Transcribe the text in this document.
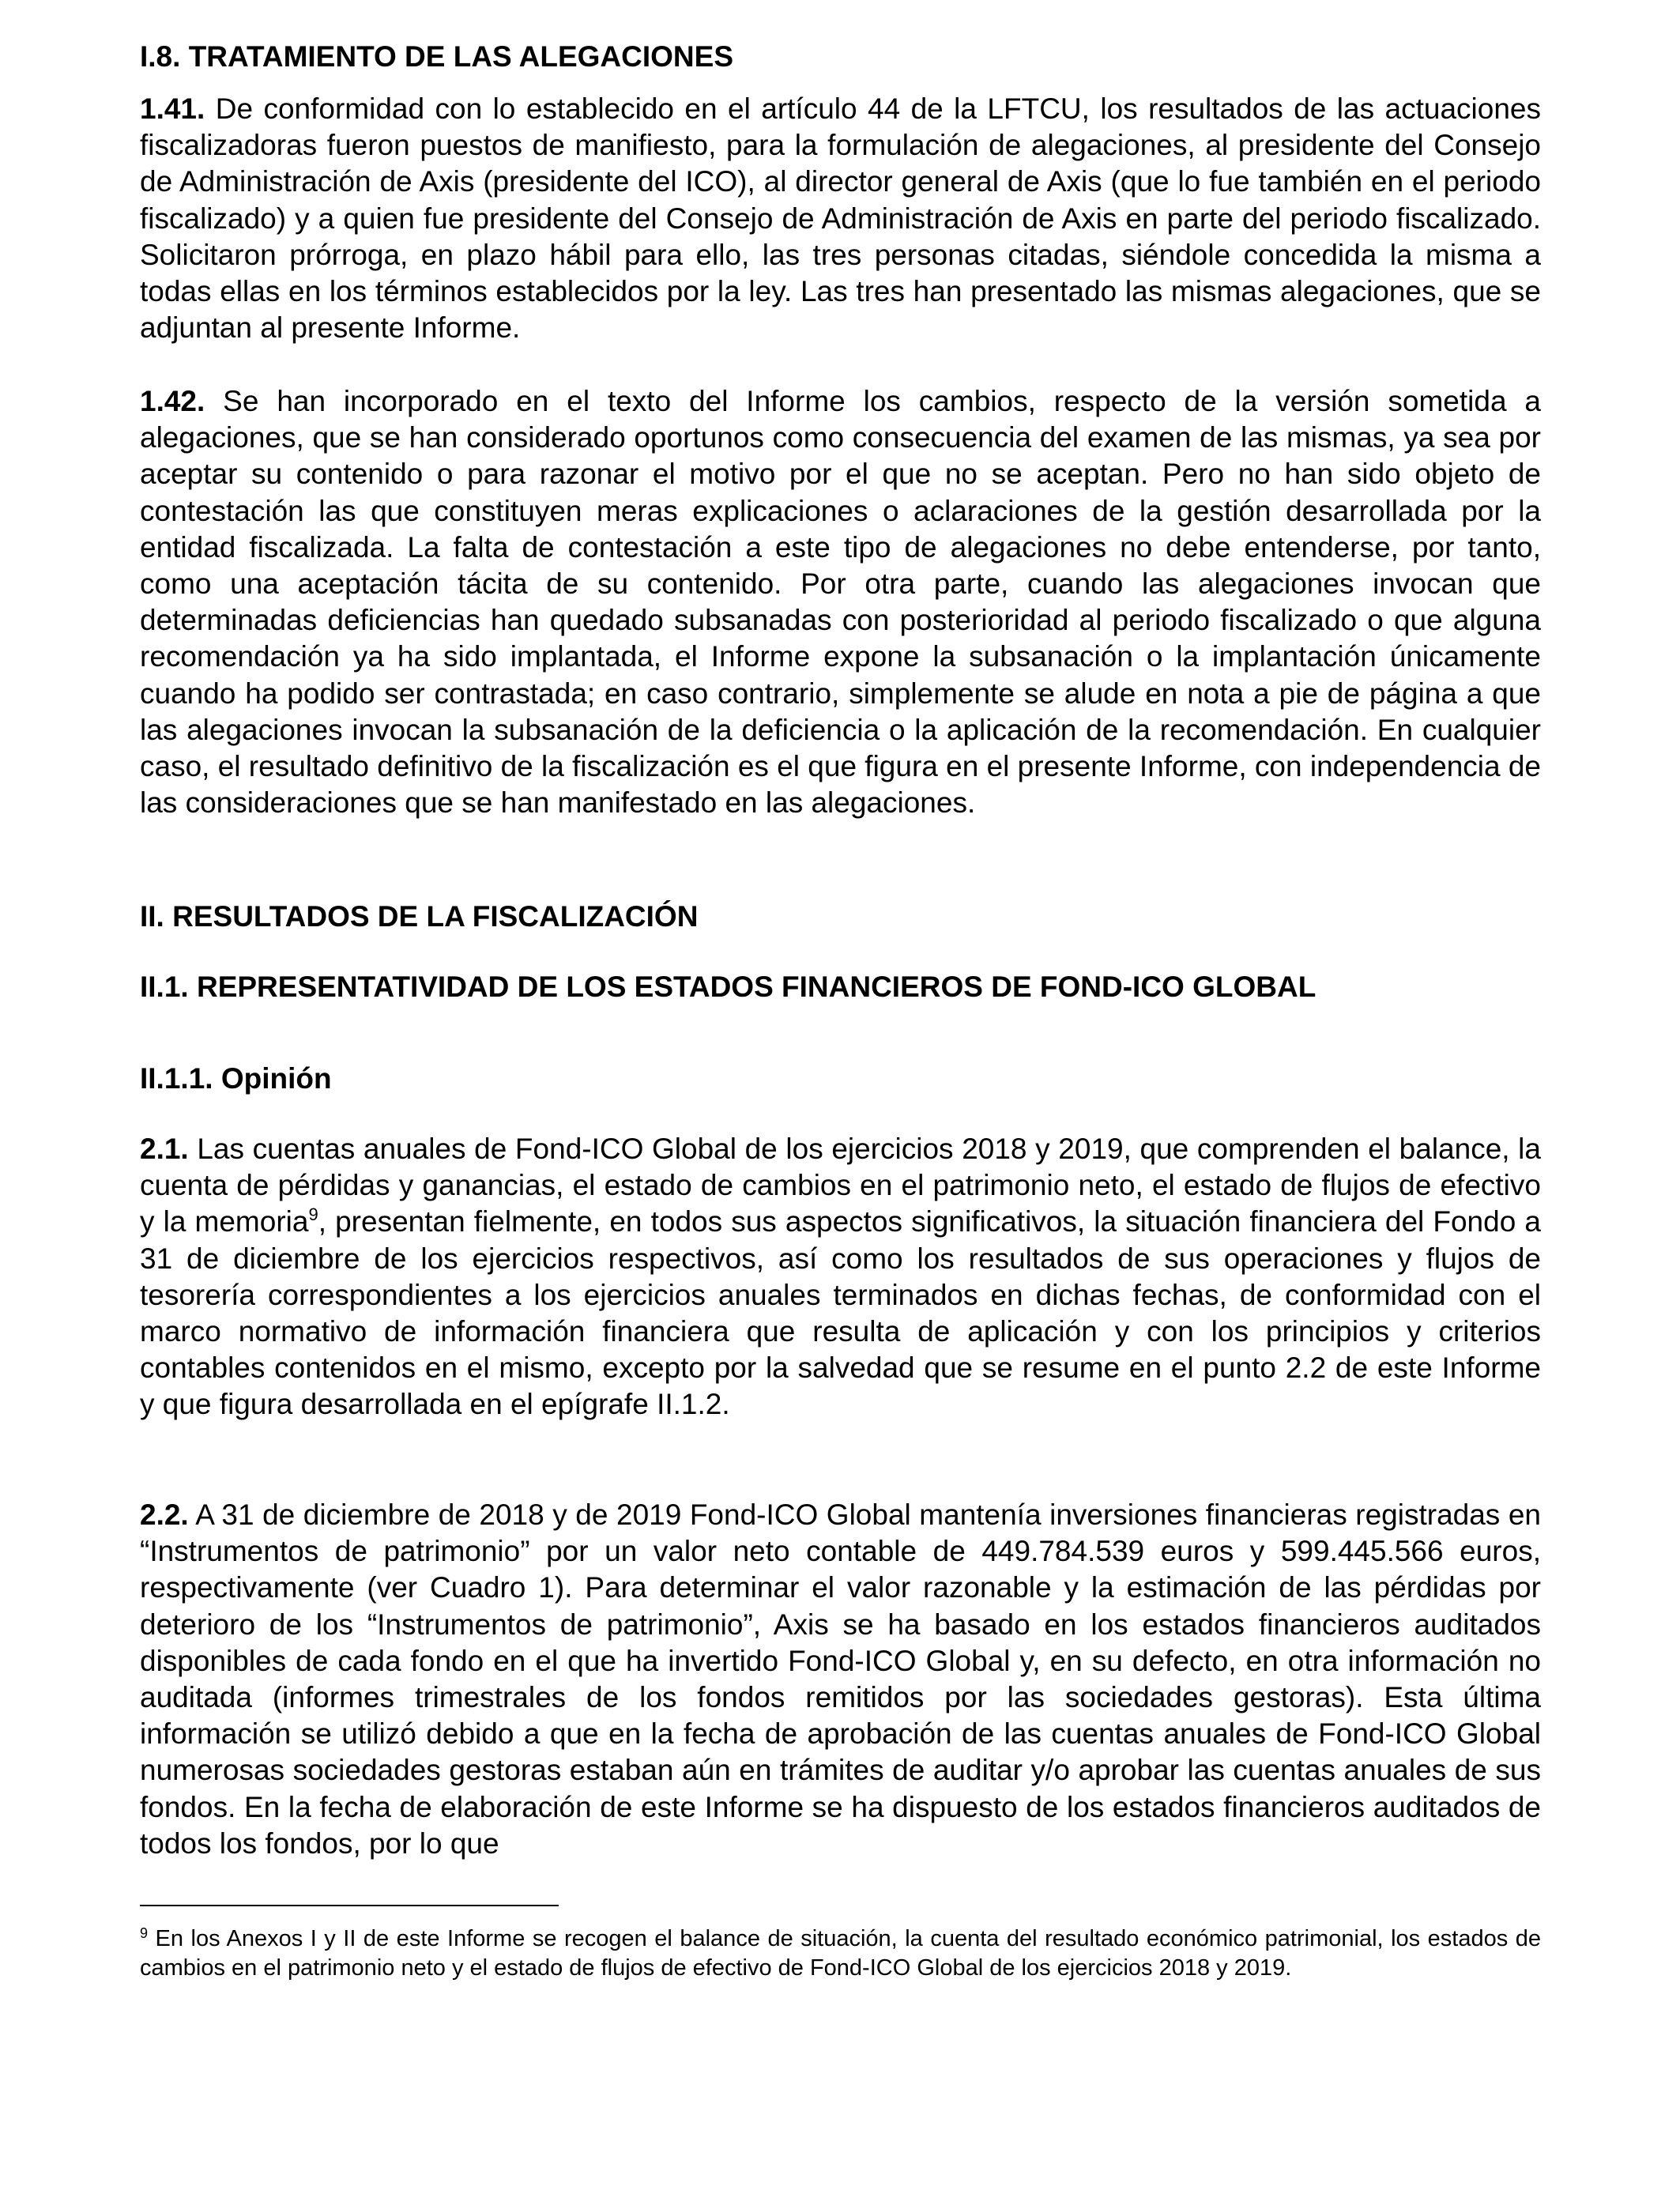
I.8. TRATAMIENTO DE LAS ALEGACIONES

1.41. De conformidad con lo establecido en el artículo 44 de la LFTCU, los resultados de las actuaciones fiscalizadoras fueron puestos de manifiesto, para la formulación de alegaciones, al presidente del Consejo de Administración de Axis (presidente del ICO), al director general de Axis (que lo fue también en el periodo fiscalizado) y a quien fue presidente del Consejo de Administración de Axis en parte del periodo fiscalizado. Solicitaron prórroga, en plazo hábil para ello, las tres personas citadas, siéndole concedida la misma a todas ellas en los términos establecidos por la ley. Las tres han presentado las mismas alegaciones, que se adjuntan al presente Informe.

1.42. Se han incorporado en el texto del Informe los cambios, respecto de la versión sometida a alegaciones, que se han considerado oportunos como consecuencia del examen de las mismas, ya sea por aceptar su contenido o para razonar el motivo por el que no se aceptan. Pero no han sido objeto de contestación las que constituyen meras explicaciones o aclaraciones de la gestión desarrollada por la entidad fiscalizada. La falta de contestación a este tipo de alegaciones no debe entenderse, por tanto, como una aceptación tácita de su contenido. Por otra parte, cuando las alegaciones invocan que determinadas deficiencias han quedado subsanadas con posterioridad al periodo fiscalizado o que alguna recomendación ya ha sido implantada, el Informe expone la subsanación o la implantación únicamente cuando ha podido ser contrastada; en caso contrario, simplemente se alude en nota a pie de página a que las alegaciones invocan la subsanación de la deficiencia o la aplicación de la recomendación. En cualquier caso, el resultado definitivo de la fiscalización es el que figura en el presente Informe, con independencia de las consideraciones que se han manifestado en las alegaciones.

II. RESULTADOS DE LA FISCALIZACIÓN
II.1. REPRESENTATIVIDAD DE LOS ESTADOS FINANCIEROS DE FOND-ICO GLOBAL
II.1.1. Opinión

2.1. Las cuentas anuales de Fond-ICO Global de los ejercicios 2018 y 2019, que comprenden el balance, la cuenta de pérdidas y ganancias, el estado de cambios en el patrimonio neto, el estado de flujos de efectivo y la memoria$^9$, presentan fielmente, en todos sus aspectos significativos, la situación financiera del Fondo a 31 de diciembre de los ejercicios respectivos, así como los resultados de sus operaciones y flujos de tesorería correspondientes a los ejercicios anuales terminados en dichas fechas, de conformidad con el marco normativo de información financiera que resulta de aplicación y con los principios y criterios contables contenidos en el mismo, excepto por la salvedad que se resume en el punto 2.2 de este Informe y que figura desarrollada en el epígrafe II.1.2.

2.2. A 31 de diciembre de 2018 y de 2019 Fond-ICO Global mantenía inversiones financieras registradas en “Instrumentos de patrimonio” por un valor neto contable de 449.784.539 euros y 599.445.566 euros, respectivamente (ver Cuadro 1). Para determinar el valor razonable y la estimación de las pérdidas por deterioro de los “Instrumentos de patrimonio”, Axis se ha basado en los estados financieros auditados disponibles de cada fondo en el que ha invertido Fond-ICO Global y, en su defecto, en otra información no auditada (informes trimestrales de los fondos remitidos por las sociedades gestoras). Esta última información se utilizó debido a que en la fecha de aprobación de las cuentas anuales de Fond-ICO Global numerosas sociedades gestoras estaban aún en trámites de auditar y/o aprobar las cuentas anuales de sus fondos. En la fecha de elaboración de este Informe se ha dispuesto de los estados financieros auditados de todos los fondos, por lo que

$^9$ En los Anexos I y II de este Informe se recogen el balance de situación, la cuenta del resultado económico patrimonial, los estados de cambios en el patrimonio neto y el estado de flujos de efectivo de Fond-ICO Global de los ejercicios 2018 y 2019.
